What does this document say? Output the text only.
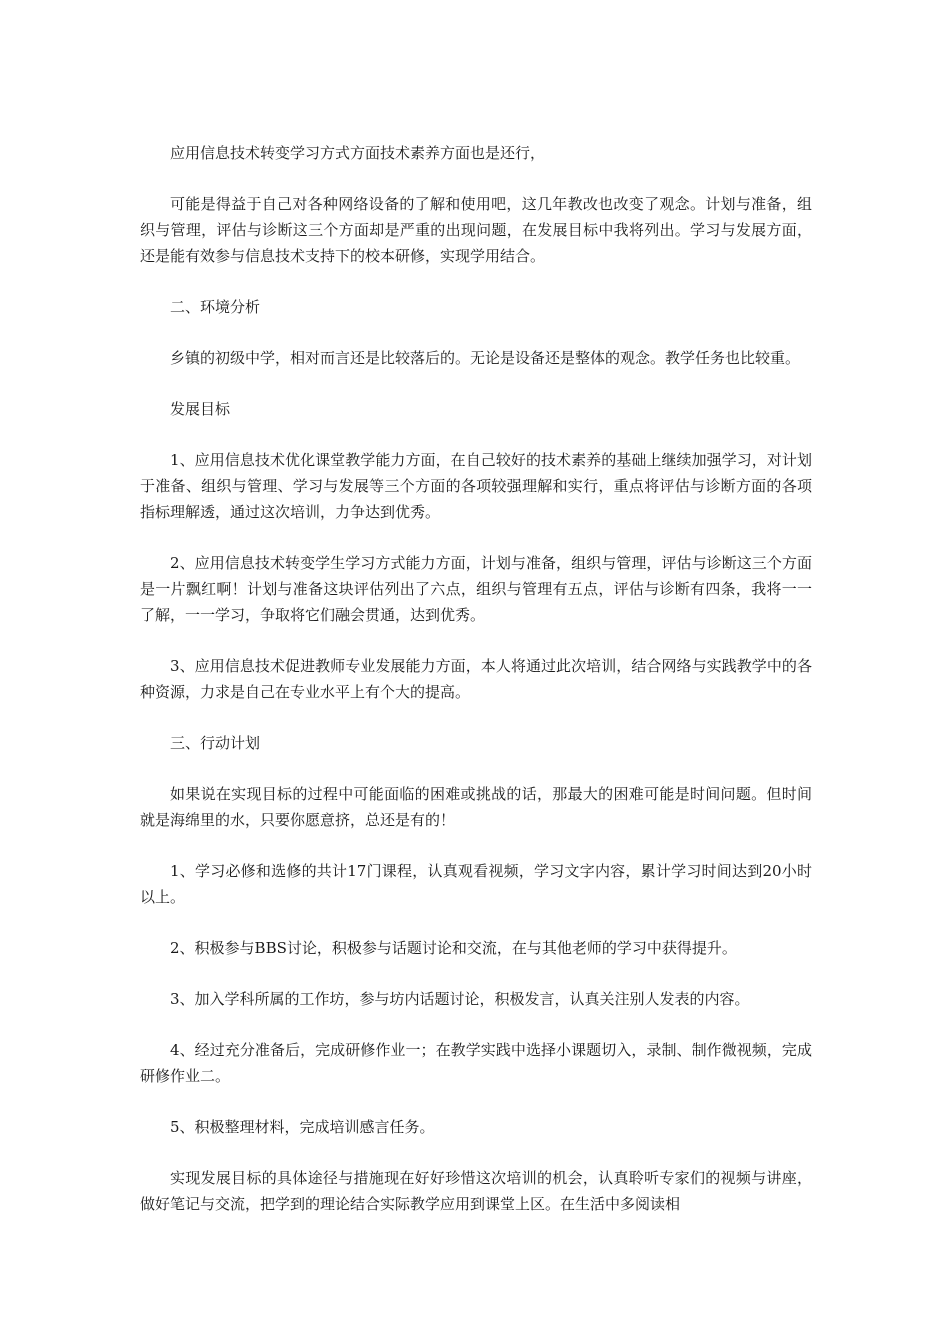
应用信息技术转变学习方式方面技术素养方面也是还行，

可能是得益于自己对各种网络设备的了解和使用吧，这几年教改也改变了观念。计划与准备，组织与管理，评估与诊断这三个方面却是严重的出现问题，在发展目标中我将列出。学习与发展方面，还是能有效参与信息技术支持下的校本研修，实现学用结合。

二、环境分析

乡镇的初级中学，相对而言还是比较落后的。无论是设备还是整体的观念。教学任务也比较重。

发展目标

1、应用信息技术优化课堂教学能力方面，在自己较好的技术素养的基础上继续加强学习，对计划于准备、组织与管理、学习与发展等三个方面的各项较强理解和实行，重点将评估与诊断方面的各项指标理解透，通过这次培训，力争达到优秀。

2、应用信息技术转变学生学习方式能力方面，计划与准备，组织与管理，评估与诊断这三个方面是一片飘红啊！计划与准备这块评估列出了六点，组织与管理有五点，评估与诊断有四条，我将一一了解，一一学习，争取将它们融会贯通，达到优秀。

3、应用信息技术促进教师专业发展能力方面，本人将通过此次培训，结合网络与实践教学中的各种资源，力求是自己在专业水平上有个大的提高。

三、行动计划

如果说在实现目标的过程中可能面临的困难或挑战的话，那最大的困难可能是时间问题。但时间就是海绵里的水，只要你愿意挤，总还是有的！

1、学习必修和选修的共计17门课程，认真观看视频，学习文字内容，累计学习时间达到20小时以上。

2、积极参与BBS讨论，积极参与话题讨论和交流，在与其他老师的学习中获得提升。

3、加入学科所属的工作坊，参与坊内话题讨论，积极发言，认真关注别人发表的内容。

4、经过充分准备后，完成研修作业一；在教学实践中选择小课题切入，录制、制作微视频，完成研修作业二。

5、积极整理材料，完成培训感言任务。

实现发展目标的具体途径与措施现在好好珍惜这次培训的机会，认真聆听专家们的视频与讲座，做好笔记与交流，把学到的理论结合实际教学应用到课堂上区。在生活中多阅读相
